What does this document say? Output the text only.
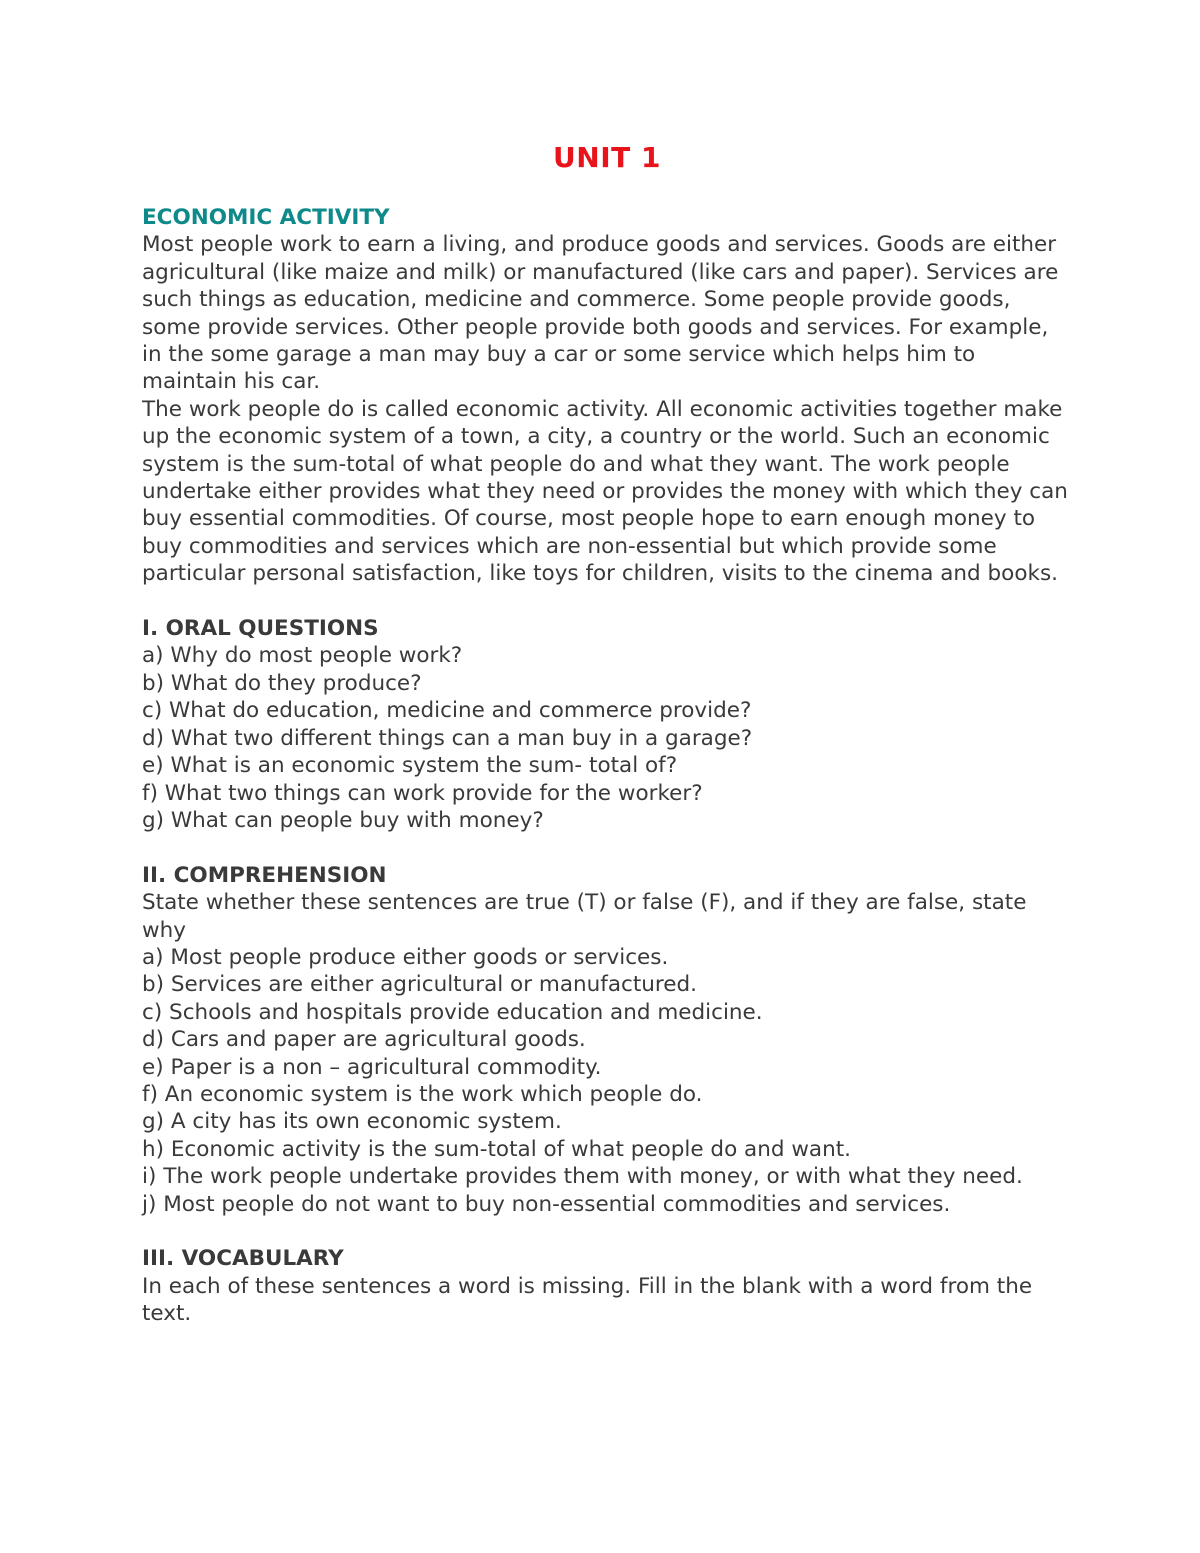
UNIT 1

ECONOMIC ACTIVITY

Most people work to earn a living, and produce goods and services. Goods are either agricultural (like maize and milk) or manufactured (like cars and paper). Services are such things as education, medicine and commerce. Some people provide goods, some provide services. Other people provide both goods and services. For example, in the some garage a man may buy a car or some service which helps him to maintain his car.

The work people do is called economic activity. All economic activities together make up the economic system of a town, a city, a country or the world. Such an economic system is the sum-total of what people do and what they want. The work people undertake either provides what they need or provides the money with which they can buy essential commodities. Of course, most people hope to earn enough money to buy commodities and services which are non-essential but which provide some particular personal satisfaction, like toys for children, visits to the cinema and books.

I. ORAL QUESTIONS

a) Why do most people work?
b) What do they produce?
c) What do education, medicine and commerce provide?
d) What two different things can a man buy in a garage?
e) What is an economic system the sum- total of?
f) What two things can work provide for the worker?
g) What can people buy with money?

II. COMPREHENSION

State whether these sentences are true (T) or false (F), and if they are false, state why

a) Most people produce either goods or services.
b) Services are either agricultural or manufactured.
c) Schools and hospitals provide education and medicine.
d) Cars and paper are agricultural goods.
e) Paper is a non – agricultural commodity.
f) An economic system is the work which people do.
g) A city has its own economic system.
h) Economic activity is the sum-total of what people do and want.
i) The work people undertake provides them with money, or with what they need.
j) Most people do not want to buy non-essential commodities and services.

III. VOCABULARY

In each of these sentences a word is missing. Fill in the blank with a word from the text.
